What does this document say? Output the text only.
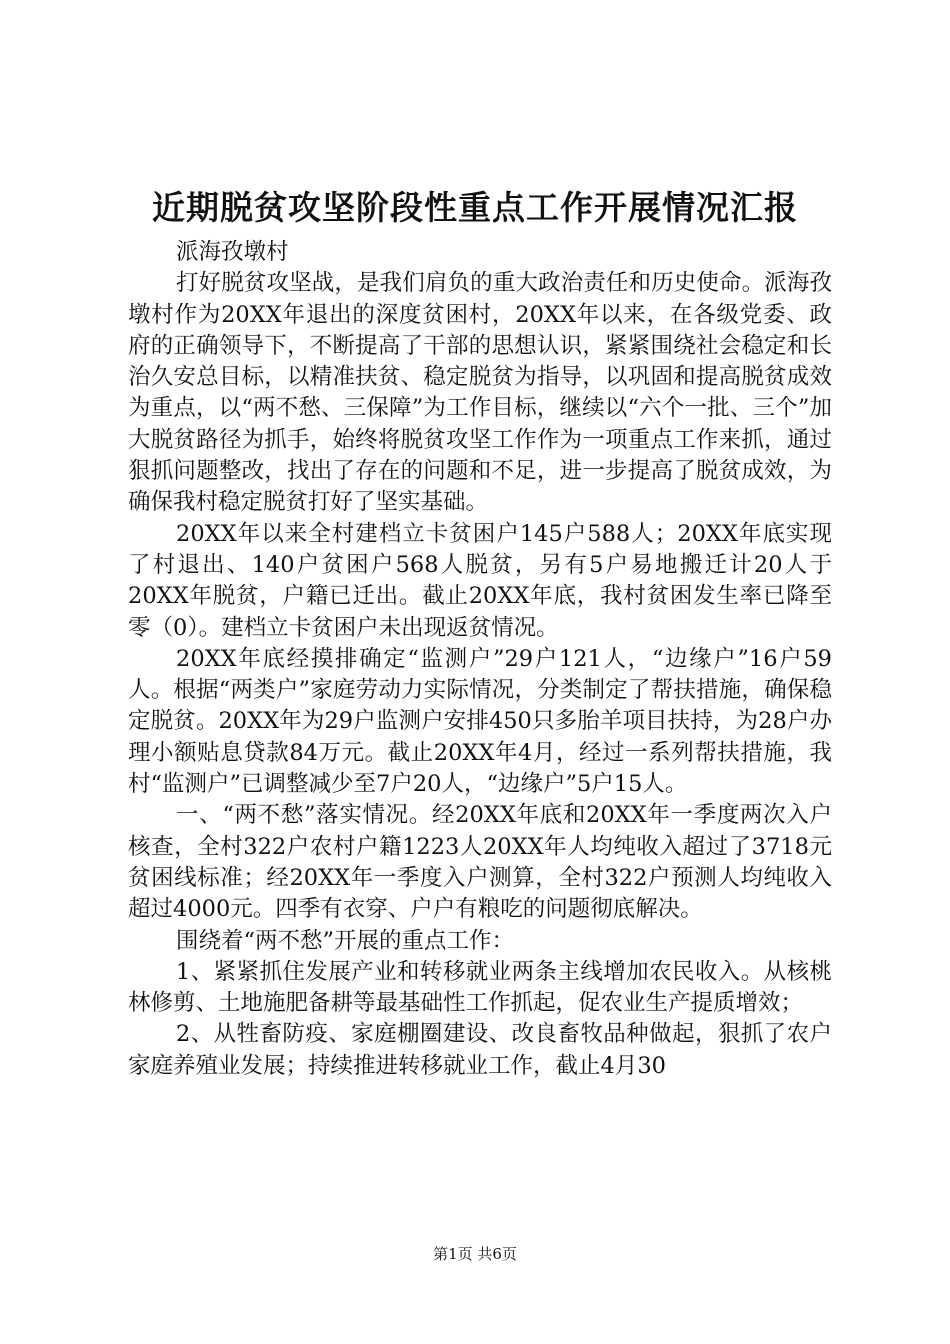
近期脱贫攻坚阶段性重点工作开展情况汇报

派海孜墩村

打好脱贫攻坚战，是我们肩负的重大政治责任和历史使命。派海孜墩村作为20XX年退出的深度贫困村，20XX年以来，在各级党委、政府的正确领导下，不断提高了干部的思想认识，紧紧围绕社会稳定和长治久安总目标，以精准扶贫、稳定脱贫为指导，以巩固和提高脱贫成效为重点，以“两不愁、三保障”为工作目标，继续以“六个一批、三个”加大脱贫路径为抓手，始终将脱贫攻坚工作作为一项重点工作来抓，通过狠抓问题整改，找出了存在的问题和不足，进一步提高了脱贫成效，为确保我村稳定脱贫打好了坚实基础。

20XX年以来全村建档立卡贫困户145户588人；20XX年底实现了村退出、140户贫困户568人脱贫，另有5户易地搬迁计20人于20XX年脱贫，户籍已迁出。截止20XX年底，我村贫困发生率已降至零（0）。建档立卡贫困户未出现返贫情况。

20XX年底经摸排确定“监测户”29户121人，“边缘户”16户59人。根据“两类户”家庭劳动力实际情况，分类制定了帮扶措施，确保稳定脱贫。20XX年为29户监测户安排450只多胎羊项目扶持，为28户办理小额贴息贷款84万元。截止20XX年4月，经过一系列帮扶措施，我村“监测户”已调整减少至7户20人，“边缘户”5户15人。

一、“两不愁”落实情况。经20XX年底和20XX年一季度两次入户核查，全村322户农村户籍1223人20XX年人均纯收入超过了3718元贫困线标准；经20XX年一季度入户测算，全村322户预测人均纯收入超过4000元。四季有衣穿、户户有粮吃的问题彻底解决。

围绕着“两不愁”开展的重点工作：

1、紧紧抓住发展产业和转移就业两条主线增加农民收入。从核桃林修剪、土地施肥备耕等最基础性工作抓起，促农业生产提质增效；

2、从牲畜防疫、家庭棚圈建设、改良畜牧品种做起，狠抓了农户家庭养殖业发展；持续推进转移就业工作，截止4月30

第1页 共6页
